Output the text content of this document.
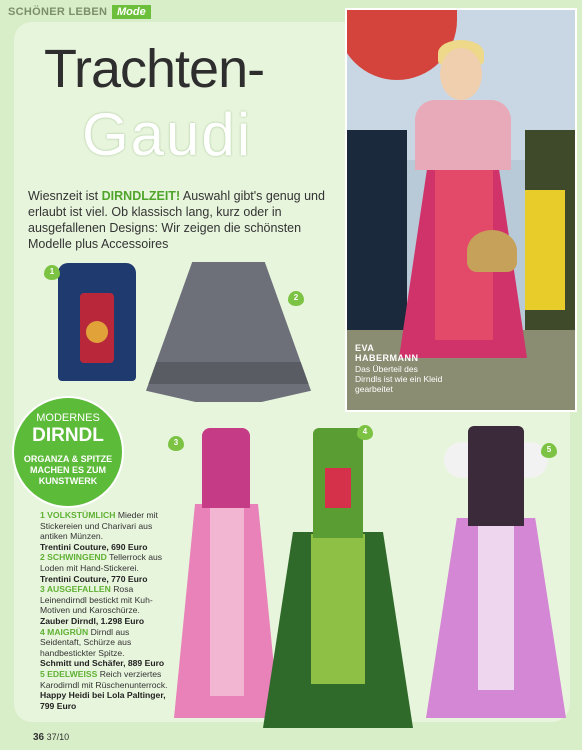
SCHÖNER LEBEN Mode
Trachten-
Gaudi
Wiesnzeit ist DIRNDLZEIT! Auswahl gibt's genug und erlaubt ist viel. Ob klassisch lang, kurz oder in ausgefallenen Designs: Wir zeigen die schönsten Modelle plus Accessoires
EVA
HABERMANN
Das Überteil des Dirndls ist wie ein Kleid gearbeitet
1
2
MODERNES
DIRNDL
ORGANZA & SPITZE MACHEN ES ZUM KUNSTWERK
3
4
5
1 VOLKSTÜMLICH Mieder mit Stickereien und Charivari aus antiken Münzen.
Trentini Couture, 690 Euro
2 SCHWINGEND Tellerrock aus Loden mit Hand-Stickerei.
Trentini Couture, 770 Euro
3 AUSGEFALLEN Rosa Leinendirndl bestickt mit Kuh-Motiven und Karoschürze.
Zauber Dirndl, 1.298 Euro
4 MAIGRÜN Dirndl aus Seidentaft, Schürze aus handbestickter Spitze.
Schmitt und Schäfer, 889 Euro
5 EDELWEISS Reich verziertes Karodirndl mit Rüschenunterrock.
Happy Heidi bei Lola Paltinger, 799 Euro
36 37/10
